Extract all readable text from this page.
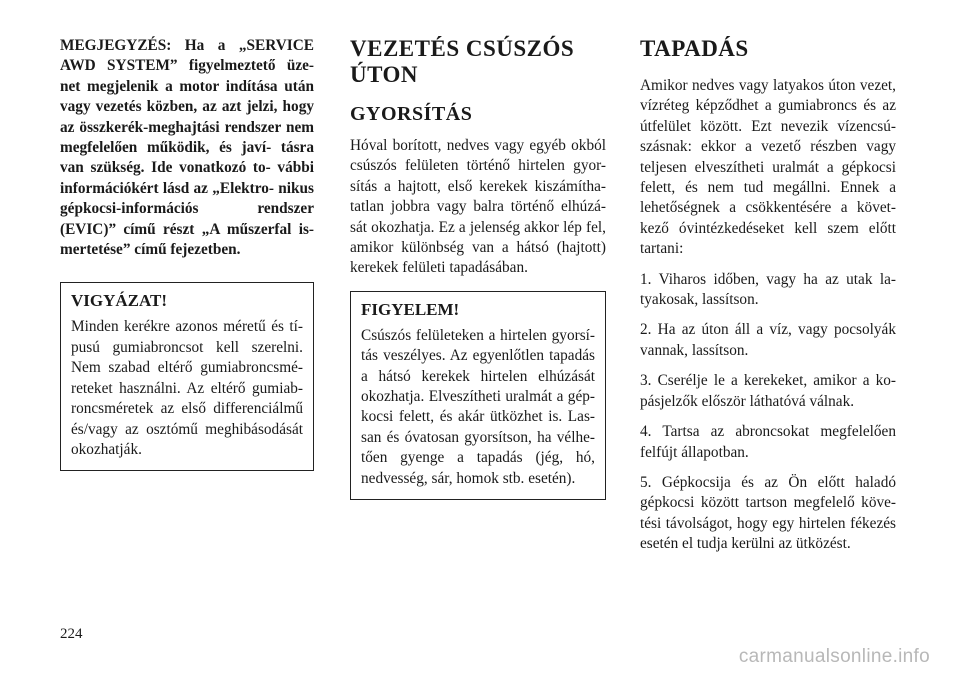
MEGJEGYZÉS: Ha a „SERVICE AWD SYSTEM” figyelmeztető üze- net megjelenik a motor indítása után vagy vezetés közben, az azt jelzi, hogy az összkerék-meghajtási rendszer nem megfelelően működik, és javí- tásra van szükség. Ide vonatkozó to- vábbi információkért lásd az „Elektro- nikus gépkocsi-információs rendszer (EVIC)” című részt „A műszerfal is- mertetése” című fejezetben.

VIGYÁZAT!

Minden kerékre azonos méretű és tí- pusú gumiabroncsot kell szerelni. Nem szabad eltérő gumiabroncsmé- reteket használni. Az eltérő gumiab- roncsméretek az első differenciálmű és/vagy az osztómű meghibásodását okozhatják.

VEZETÉS CSÚSZÓS ÚTON
GYORSÍTÁS

Hóval borított, nedves vagy egyéb okból csúszós felületen történő hirtelen gyor- sítás a hajtott, első kerekek kiszámítha- tatlan jobbra vagy balra történő elhúzá- sát okozhatja. Ez a jelenség akkor lép fel, amikor különbség van a hátsó (hajtott) kerekek felületi tapadásában.

FIGYELEM!

Csúszós felületeken a hirtelen gyorsí- tás veszélyes. Az egyenlőtlen tapadás a hátsó kerekek hirtelen elhúzását okozhatja. Elveszítheti uralmát a gép- kocsi felett, és akár ütközhet is. Las- san és óvatosan gyorsítson, ha vélhe- tően gyenge a tapadás (jég, hó, nedvesség, sár, homok stb. esetén).

TAPADÁS

Amikor nedves vagy latyakos úton vezet, vízréteg képződhet a gumiabroncs és az útfelület között. Ezt nevezik vízencsú- szásnak: ekkor a vezető részben vagy teljesen elveszítheti uralmát a gépkocsi felett, és nem tud megállni. Ennek a lehetőségnek a csökkentésére a követ- kező óvintézkedéseket kell szem előtt tartani:

1. Viharos időben, vagy ha az utak la- tyakosak, lassítson.

2. Ha az úton áll a víz, vagy pocsolyák vannak, lassítson.

3. Cserélje le a kerekeket, amikor a ko- pásjelzők először láthatóvá válnak.

4. Tartsa az abroncsokat megfelelően felfújt állapotban.

5. Gépkocsija és az Ön előtt haladó gépkocsi között tartson megfelelő köve- tési távolságot, hogy egy hirtelen fékezés esetén el tudja kerülni az ütközést.

224
carmanualsonline.info
